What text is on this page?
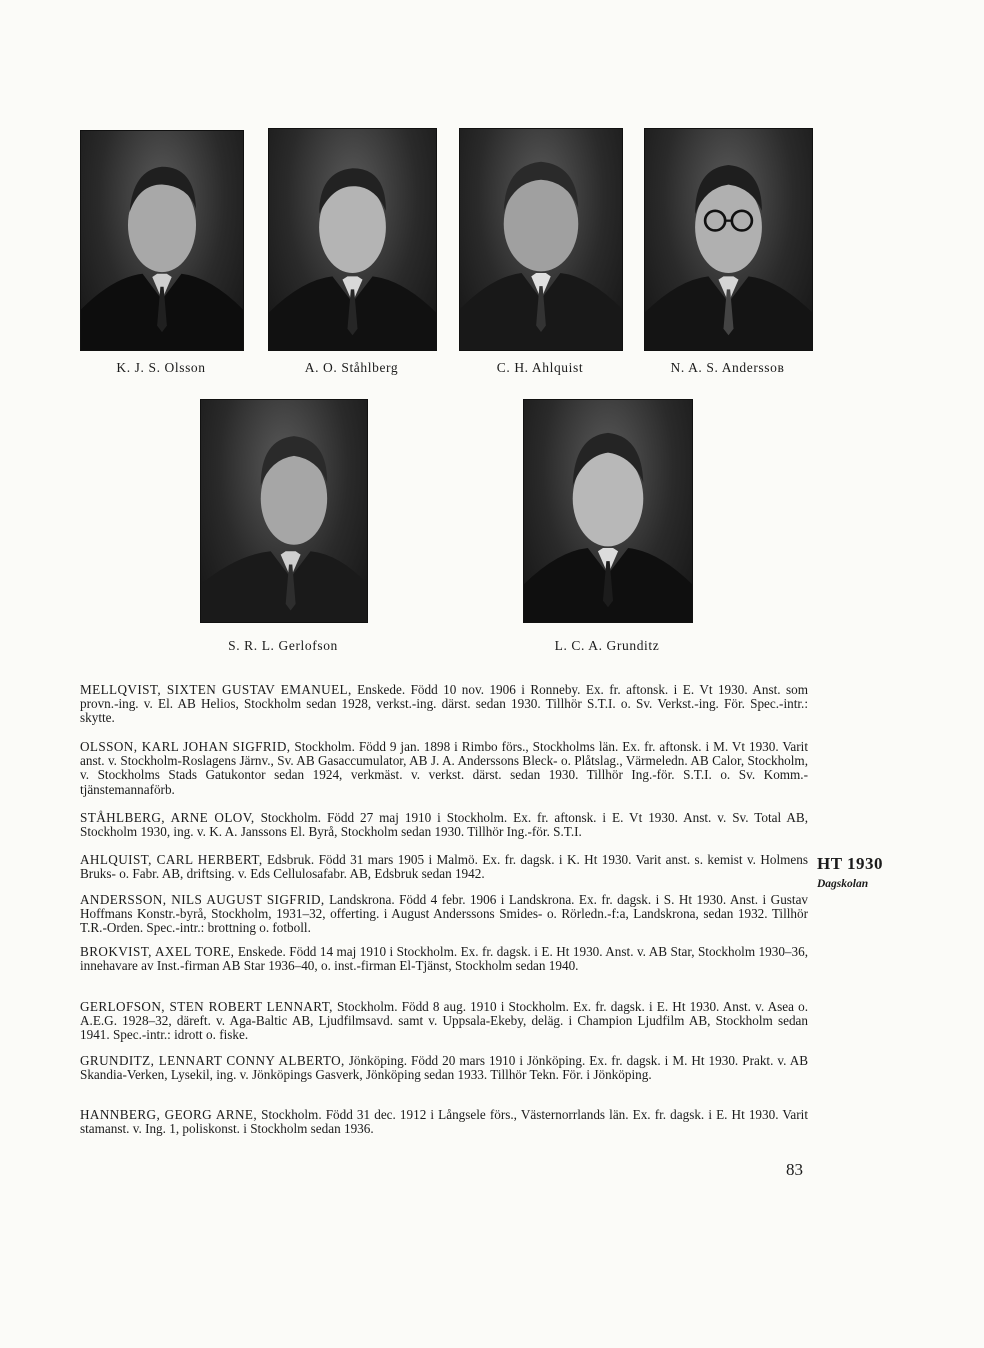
K. J. S. Olsson	A. O. Ståhlberg	C. H. Ahlquist	N. A. S. Anderssoв
S. R. L. Gerlofson	L. C. A. Grunditz

MELLQVIST, SIXTEN GUSTAV EMANUEL, Enskede. Född 10 nov. 1906 i Ronneby. Ex. fr. aftonsk. i E. Vt 1930. Anst. som provn.-ing. v. El. AB Helios, Stockholm sedan 1928, verkst.-ing. därst. sedan 1930. Tillhör S.T.I. o. Sv. Verkst.-ing. För. Spec.-intr.: skytte.

OLSSON, KARL JOHAN SIGFRID, Stockholm. Född 9 jan. 1898 i Rimbo förs., Stockholms län. Ex. fr. aftonsk. i M. Vt 1930. Varit anst. v. Stockholm-Roslagens Järnv., Sv. AB Gasaccumulator, AB J. A. Anderssons Bleck- o. Plåtslag., Värmeledn. AB Calor, Stockholm, v. Stockholms Stads Gatukontor sedan 1924, verkmäst. v. verkst. därst. sedan 1930. Tillhör Ing.-för. S.T.I. o. Sv. Komm.-tjänstemannaförb.

STÅHLBERG, ARNE OLOV, Stockholm. Född 27 maj 1910 i Stockholm. Ex. fr. aftonsk. i E. Vt 1930. Anst. v. Sv. Total AB, Stockholm 1930, ing. v. K. A. Janssons El. Byrå, Stockholm sedan 1930. Tillhör Ing.-för. S.T.I.

AHLQUIST, CARL HERBERT, Edsbruk. Född 31 mars 1905 i Malmö. Ex. fr. dagsk. i K. Ht 1930. Varit anst. s. kemist v. Holmens Bruks- o. Fabr. AB, driftsing. v. Eds Cellulosafabr. AB, Edsbruk sedan 1942.

ANDERSSON, NILS AUGUST SIGFRID, Landskrona. Född 4 febr. 1906 i Landskrona. Ex. fr. dagsk. i S. Ht 1930. Anst. i Gustav Hoffmans Konstr.-byrå, Stockholm, 1931–32, offerting. i August Anderssons Smides- o. Rörledn.-f:a, Landskrona, sedan 1932. Tillhör T.R.-Orden. Spec.-intr.: brottning o. fotboll.

BROKVIST, AXEL TORE, Enskede. Född 14 maj 1910 i Stockholm. Ex. fr. dagsk. i E. Ht 1930. Anst. v. AB Star, Stockholm 1930–36, innehavare av Inst.-firman AB Star 1936–40, o. inst.-firman El-Tjänst, Stockholm sedan 1940.

GERLOFSON, STEN ROBERT LENNART, Stockholm. Född 8 aug. 1910 i Stockholm. Ex. fr. dagsk. i E. Ht 1930. Anst. v. Asea o. A.E.G. 1928–32, däreft. v. Aga-Baltic AB, Ljudfilmsavd. samt v. Uppsala-Ekeby, deläg. i Champion Ljudfilm AB, Stockholm sedan 1941. Spec.-intr.: idrott o. fiske.

GRUNDITZ, LENNART CONNY ALBERTO, Jönköping. Född 20 mars 1910 i Jönköping. Ex. fr. dagsk. i M. Ht 1930. Prakt. v. AB Skandia-Verken, Lysekil, ing. v. Jönköpings Gasverk, Jönköping sedan 1933. Tillhör Tekn. För. i Jönköping.

HANNBERG, GEORG ARNE, Stockholm. Född 31 dec. 1912 i Långsele förs., Västernorrlands län. Ex. fr. dagsk. i E. Ht 1930. Varit stamanst. v. Ing. 1, poliskonst. i Stockholm sedan 1936.

HT 1930
Dagskolan
83
